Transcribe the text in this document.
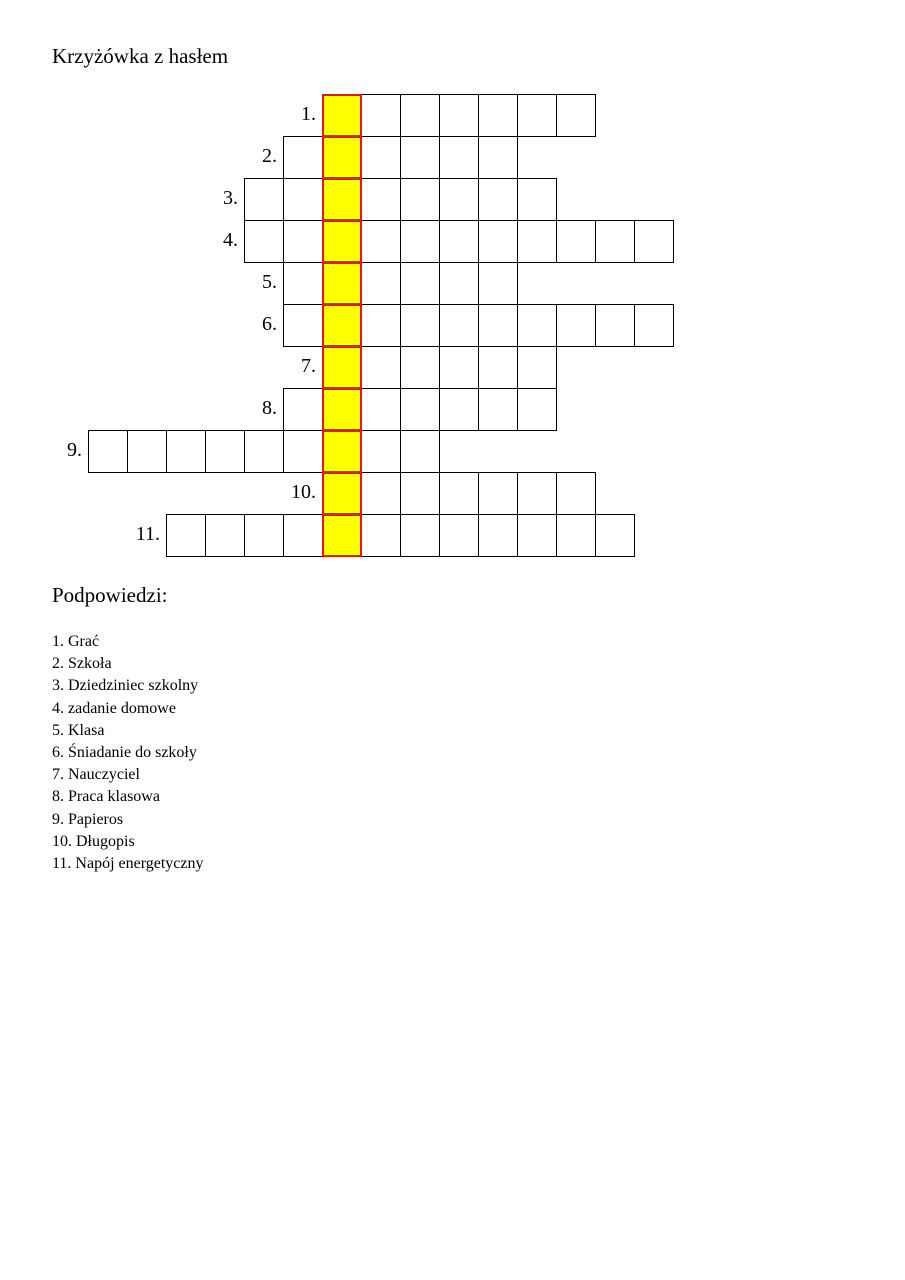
Krzyżówka z hasłem
1.
2.
3.
4.
5.
6.
7.
8.
9.
10.
11.
Podpowiedzi:
1. Grać
2. Szkoła
3. Dziedziniec szkolny
4. zadanie domowe
5. Klasa
6. Śniadanie do szkoły
7. Nauczyciel
8. Praca klasowa
9. Papieros
10. Długopis
11. Napój energetyczny
